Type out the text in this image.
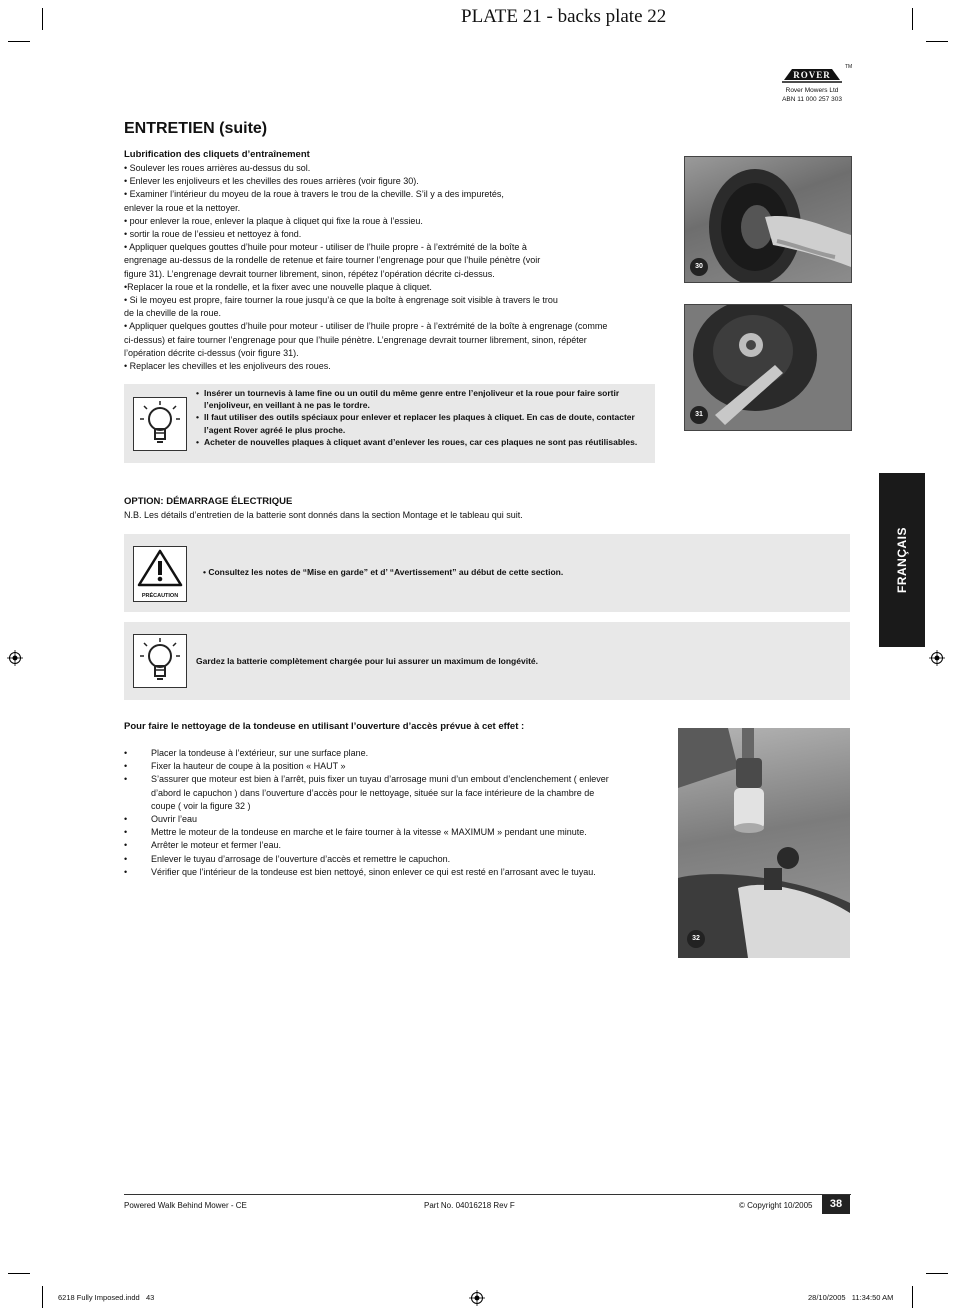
PLATE 21 - backs plate 22
ROVER
TM
Rover Mowers Ltd
ABN 11 000 257 303
ENTRETIEN (suite)
Lubrification des cliquets d’entraînement
• Soulever les roues arrières au-dessus du sol.
• Enlever les enjoliveurs et les chevilles des roues arrières (voir figure 30).
• Examiner l’intérieur du moyeu de la roue à travers le trou de la cheville. S’il y a des impuretés,
enlever la roue et la nettoyer.
• pour enlever la roue, enlever la plaque à cliquet qui fixe la roue à l’essieu.
• sortir la roue de l’essieu et nettoyez à fond.
• Appliquer quelques gouttes d’huile pour moteur - utiliser de l’huile propre - à l’extrémité de la boîte à
engrenage au-dessus de la rondelle de retenue et faire tourner l’engrenage pour que l’huile pénètre (voir
figure 31). L’engrenage devrait tourner librement, sinon, répétez l’opération décrite ci-dessus.
•Replacer la roue et la rondelle, et la fixer avec une nouvelle plaque à cliquet.
• Si le moyeu est propre, faire tourner la roue jusqu’à ce que la boîte à engrenage soit visible à travers le trou
de la cheville de la roue.
• Appliquer quelques gouttes d’huile pour moteur - utiliser de l’huile propre - à l’extrémité de la boîte à engrenage (comme
ci-dessus) et faire tourner l’engrenage pour que l’huile pénètre. L’engrenage devrait tourner librement, sinon, répéter
l’opération décrite ci-dessus (voir figure 31).
• Replacer les chevilles et les enjoliveurs des roues.
30
31
• Insérer un tournevis à lame fine ou un outil du même genre entre l’enjoliveur et la roue pour faire sortir l’enjoliveur, en veillant à ne pas le tordre.
• Il faut utiliser des outils spéciaux pour enlever et replacer les plaques à cliquet. En cas de doute, contacter l’agent Rover agréé le plus proche.
• Acheter de nouvelles plaques à cliquet avant d’enlever les roues, car ces plaques ne sont pas réutilisables.
OPTION: DÉMARRAGE ÉLECTRIQUE
N.B. Les détails d’entretien de la batterie sont donnés dans la section Montage et le tableau qui suit.
PRÉCAUTION
• Consultez les notes de “Mise en garde” et d’ “Avertissement” au début de cette section.
Gardez la batterie complètement chargée pour lui assurer un maximum de longévité.
FRANÇAIS
Pour faire le nettoyage de la tondeuse en utilisant l’ouverture d’accès prévue à cet effet :
•	Placer la tondeuse à l’extérieur, sur une surface plane.
•	Fixer la hauteur de coupe à la position « HAUT »
•	S’assurer que moteur est bien à l’arrêt, puis fixer un tuyau d’arrosage muni d’un embout d’enclenchement ( enlever d’abord le capuchon ) dans l’ouverture d’accès pour le nettoyage, située sur la face intérieure de la chambre de coupe ( voir la figure 32 )
•	Ouvrir l’eau
•	Mettre le moteur de la tondeuse en marche et le faire tourner à la vitesse « MAXIMUM » pendant une minute.
•	Arrêter le moteur et fermer l’eau.
•	Enlever le tuyau d’arrosage de l’ouverture d’accès et remettre le capuchon.
•	Vérifier que l’intérieur de la tondeuse est bien nettoyé, sinon enlever ce qui est resté en l’arrosant avec le tuyau.
32
Powered Walk Behind Mower - CE	Part No. 04016218 Rev F	© Copyright 10/2005	38
6218 Fully Imposed.indd   43	28/10/2005   11:34:50 AM
